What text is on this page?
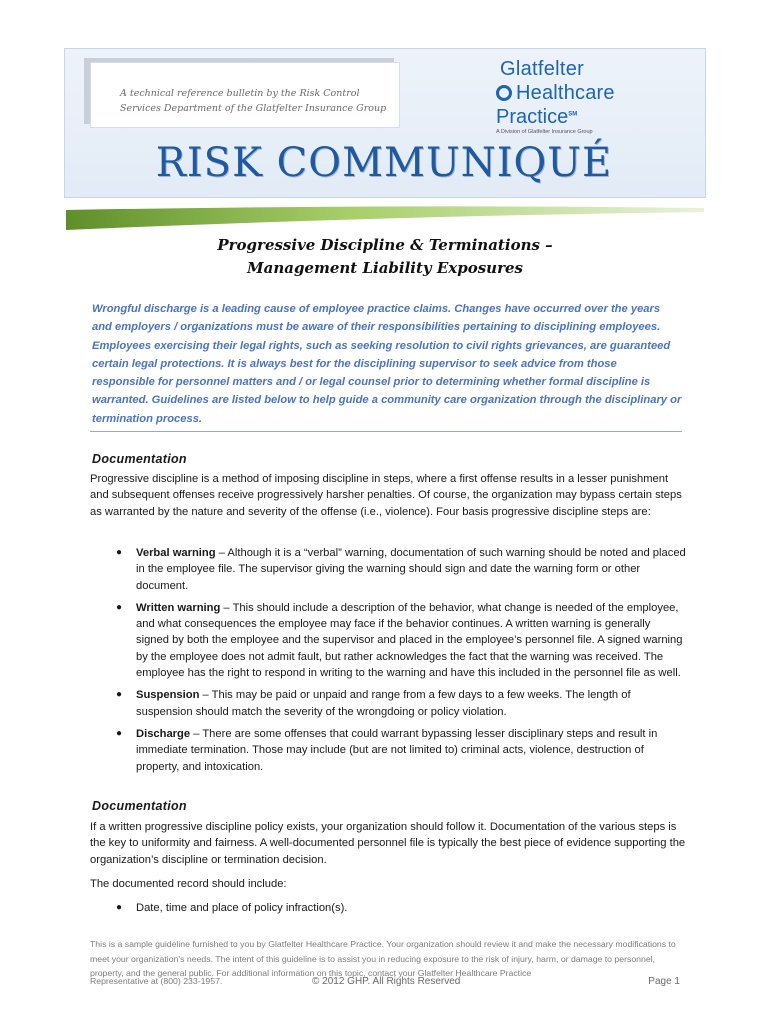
A technical reference bulletin by the Risk Control Services Department of the Glatfelter Insurance Group
Glatfelter
Healthcare
Practice℠
A Division of Glatfelter Insurance Group
RISK COMMUNIQUÉ
Progressive Discipline & Terminations –
Management Liability Exposures
Wrongful discharge is a leading cause of employee practice claims. Changes have occurred over the years and employers / organizations must be aware of their responsibilities pertaining to disciplining employees. Employees exercising their legal rights, such as seeking resolution to civil rights grievances, are guaranteed certain legal protections. It is always best for the disciplining supervisor to seek advice from those responsible for personnel matters and / or legal counsel prior to determining whether formal discipline is warranted. Guidelines are listed below to help guide a community care organization through the disciplinary or termination process.
Documentation
Progressive discipline is a method of imposing discipline in steps, where a first offense results in a lesser punishment and subsequent offenses receive progressively harsher penalties. Of course, the organization may bypass certain steps as warranted by the nature and severity of the offense (i.e., violence). Four basis progressive discipline steps are:
● Verbal warning – Although it is a “verbal” warning, documentation of such warning should be noted and placed in the employee file. The supervisor giving the warning should sign and date the warning form or other document.
● Written warning – This should include a description of the behavior, what change is needed of the employee, and what consequences the employee may face if the behavior continues. A written warning is generally signed by both the employee and the supervisor and placed in the employee’s personnel file. A signed warning by the employee does not admit fault, but rather acknowledges the fact that the warning was received. The employee has the right to respond in writing to the warning and have this included in the personnel file as well.
● Suspension – This may be paid or unpaid and range from a few days to a few weeks. The length of suspension should match the severity of the wrongdoing or policy violation.
● Discharge – There are some offenses that could warrant bypassing lesser disciplinary steps and result in immediate termination. Those may include (but are not limited to) criminal acts, violence, destruction of property, and intoxication.
Documentation
If a written progressive discipline policy exists, your organization should follow it. Documentation of the various steps is the key to uniformity and fairness. A well-documented personnel file is typically the best piece of evidence supporting the organization’s discipline or termination decision.
The documented record should include:
● Date, time and place of policy infraction(s).
This is a sample guideline furnished to you by Glatfelter Healthcare Practice. Your organization should review it and make the necessary modifications to meet your organization’s needs. The intent of this guideline is to assist you in reducing exposure to the risk of injury, harm, or damage to personnel, property, and the general public. For additional information on this topic, contact your Glatfelter Healthcare Practice
Representative at (800) 233-1957.	© 2012 GHP. All Rights Reserved	Page 1
